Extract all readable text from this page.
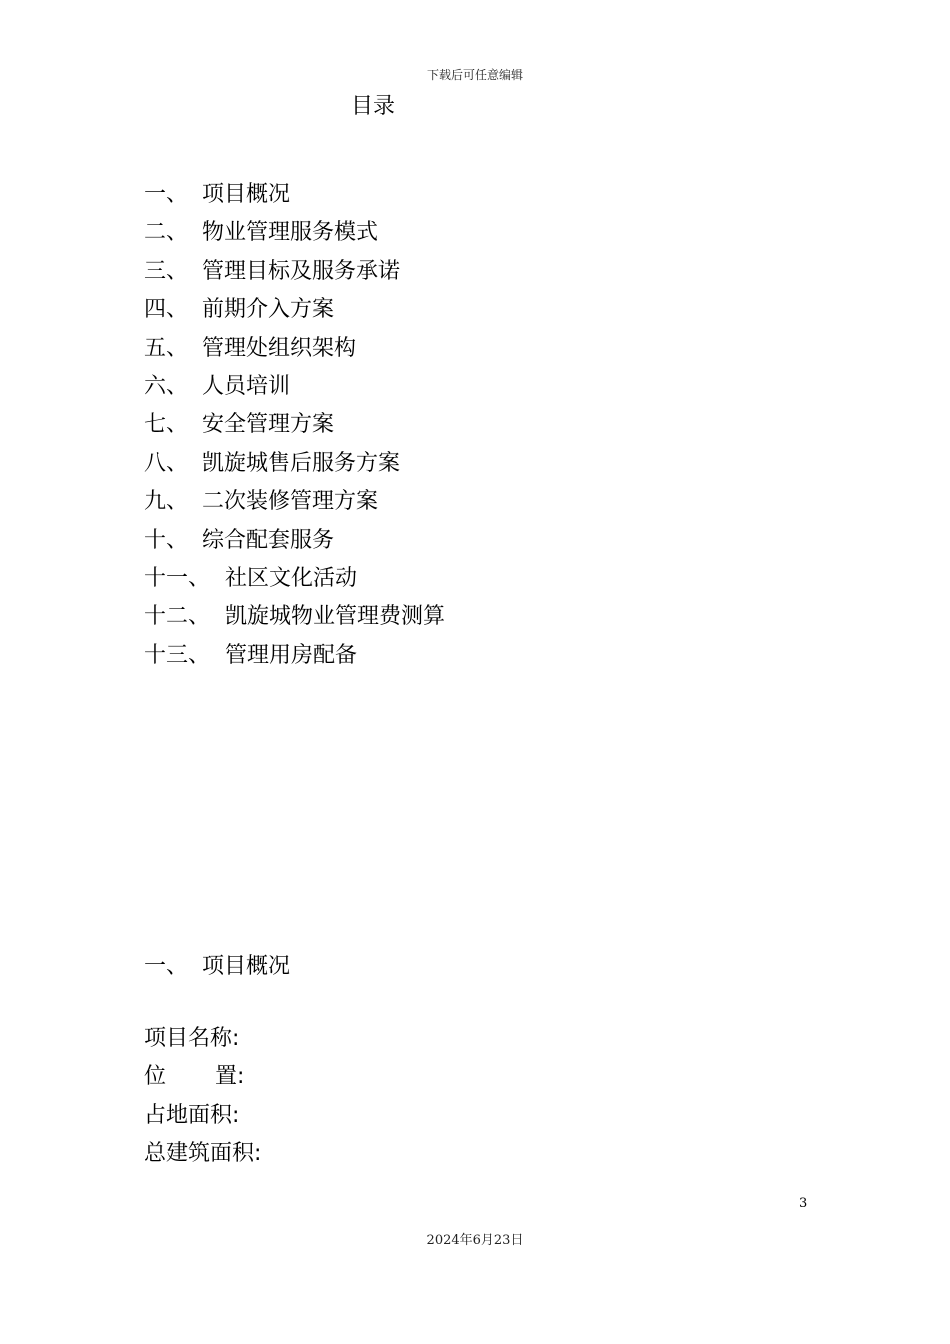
下载后可任意编辑
目录
一、 项目概况
二、 物业管理服务模式
三、 管理目标及服务承诺
四、 前期介入方案
五、 管理处组织架构
六、 人员培训
七、 安全管理方案
八、 凯旋城售后服务方案
九、 二次装修管理方案
十、 综合配套服务
十一、 社区文化活动
十二、 凯旋城物业管理费测算
十三、 管理用房配备
一、 项目概况
项目名称:
位       置:
占地面积:
总建筑面积:
3
2024年6月23日
